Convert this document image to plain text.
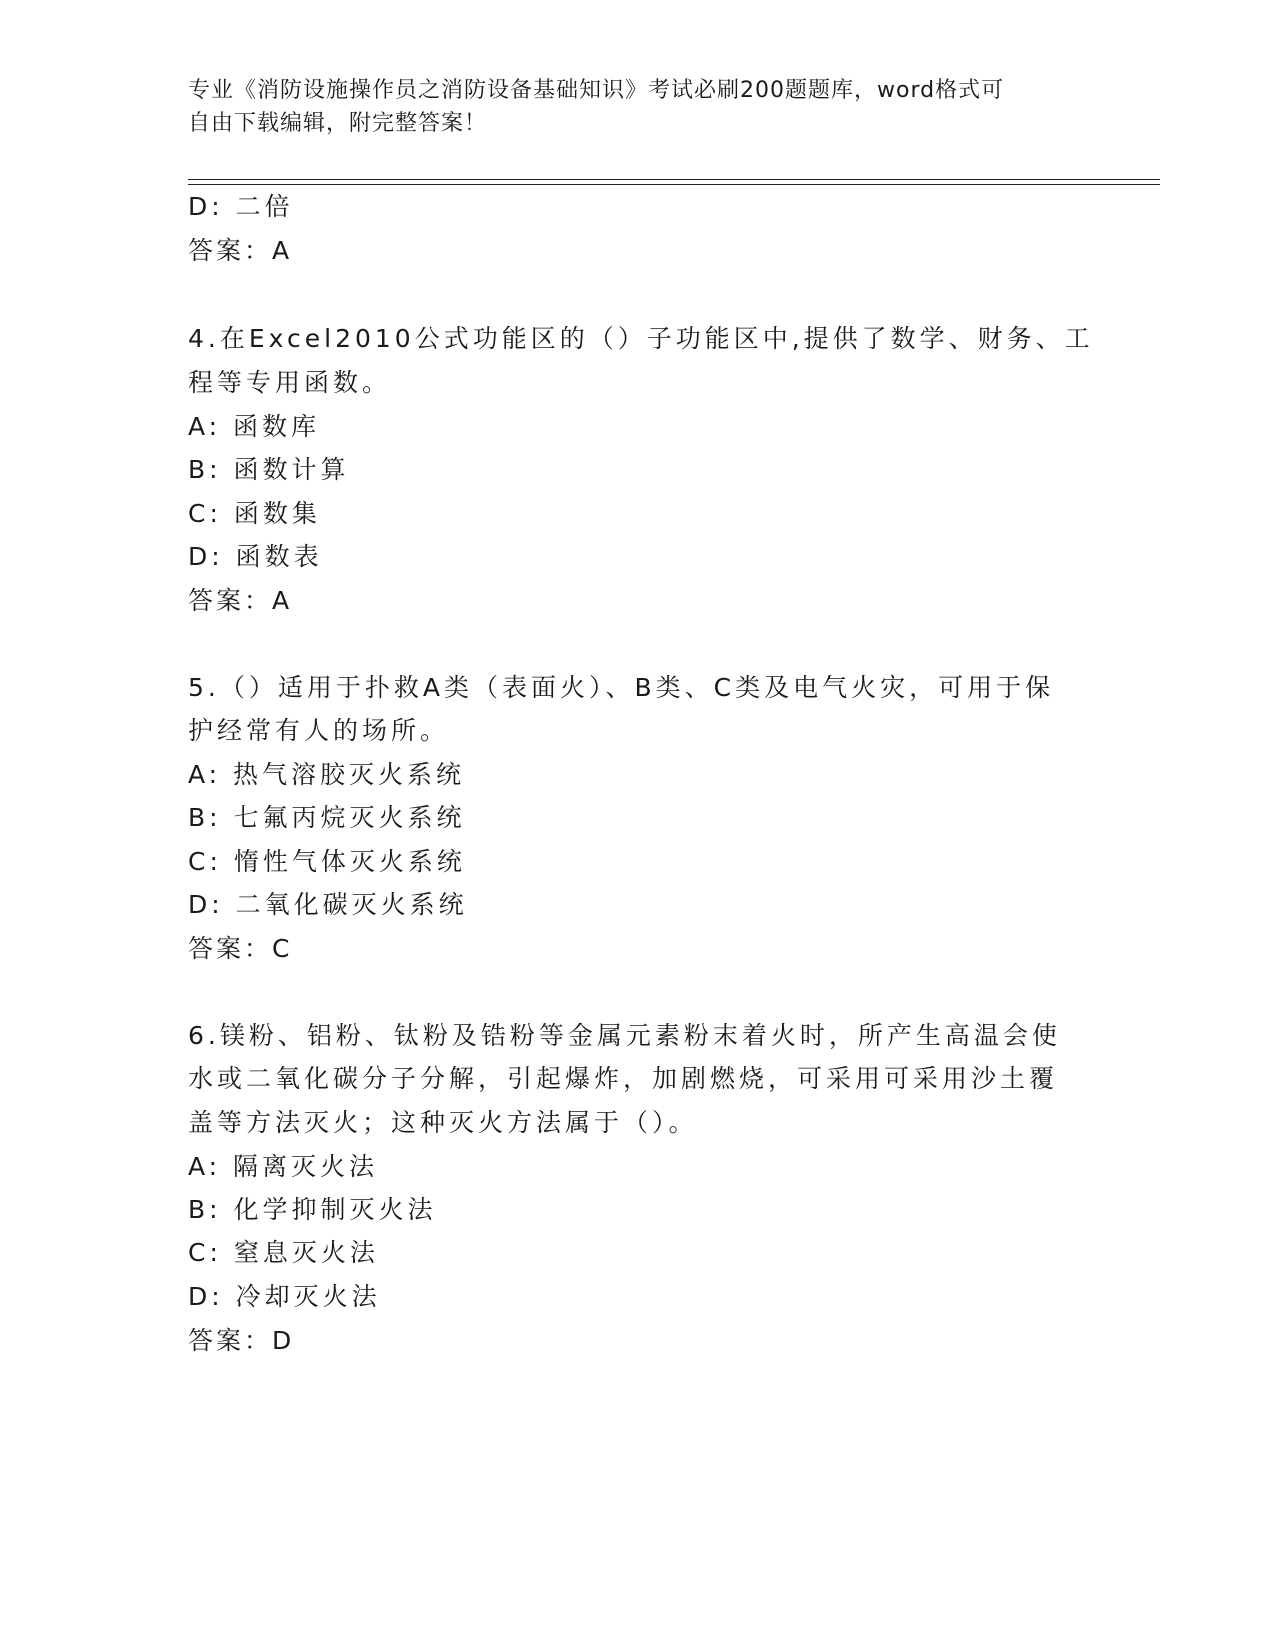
专业《消防设施操作员之消防设备基础知识》考试必刷200题题库，word格式可
自由下载编辑，附完整答案！
D: 二倍
答案：A
4.在Excel2010公式功能区的（）子功能区中,提供了数学、财务、工
程等专用函数。
A: 函数库
B: 函数计算
C: 函数集
D: 函数表
答案：A
5.（）适用于扑救A类（表面火）、B类、C类及电气火灾，可用于保
护经常有人的场所。
A: 热气溶胶灭火系统
B: 七氟丙烷灭火系统
C: 惰性气体灭火系统
D: 二氧化碳灭火系统
答案：C
6.镁粉、铝粉、钛粉及锆粉等金属元素粉末着火时，所产生高温会使
水或二氧化碳分子分解，引起爆炸，加剧燃烧，可采用可采用沙土覆
盖等方法灭火；这种灭火方法属于（）。
A: 隔离灭火法
B: 化学抑制灭火法
C: 窒息灭火法
D: 冷却灭火法
答案：D
